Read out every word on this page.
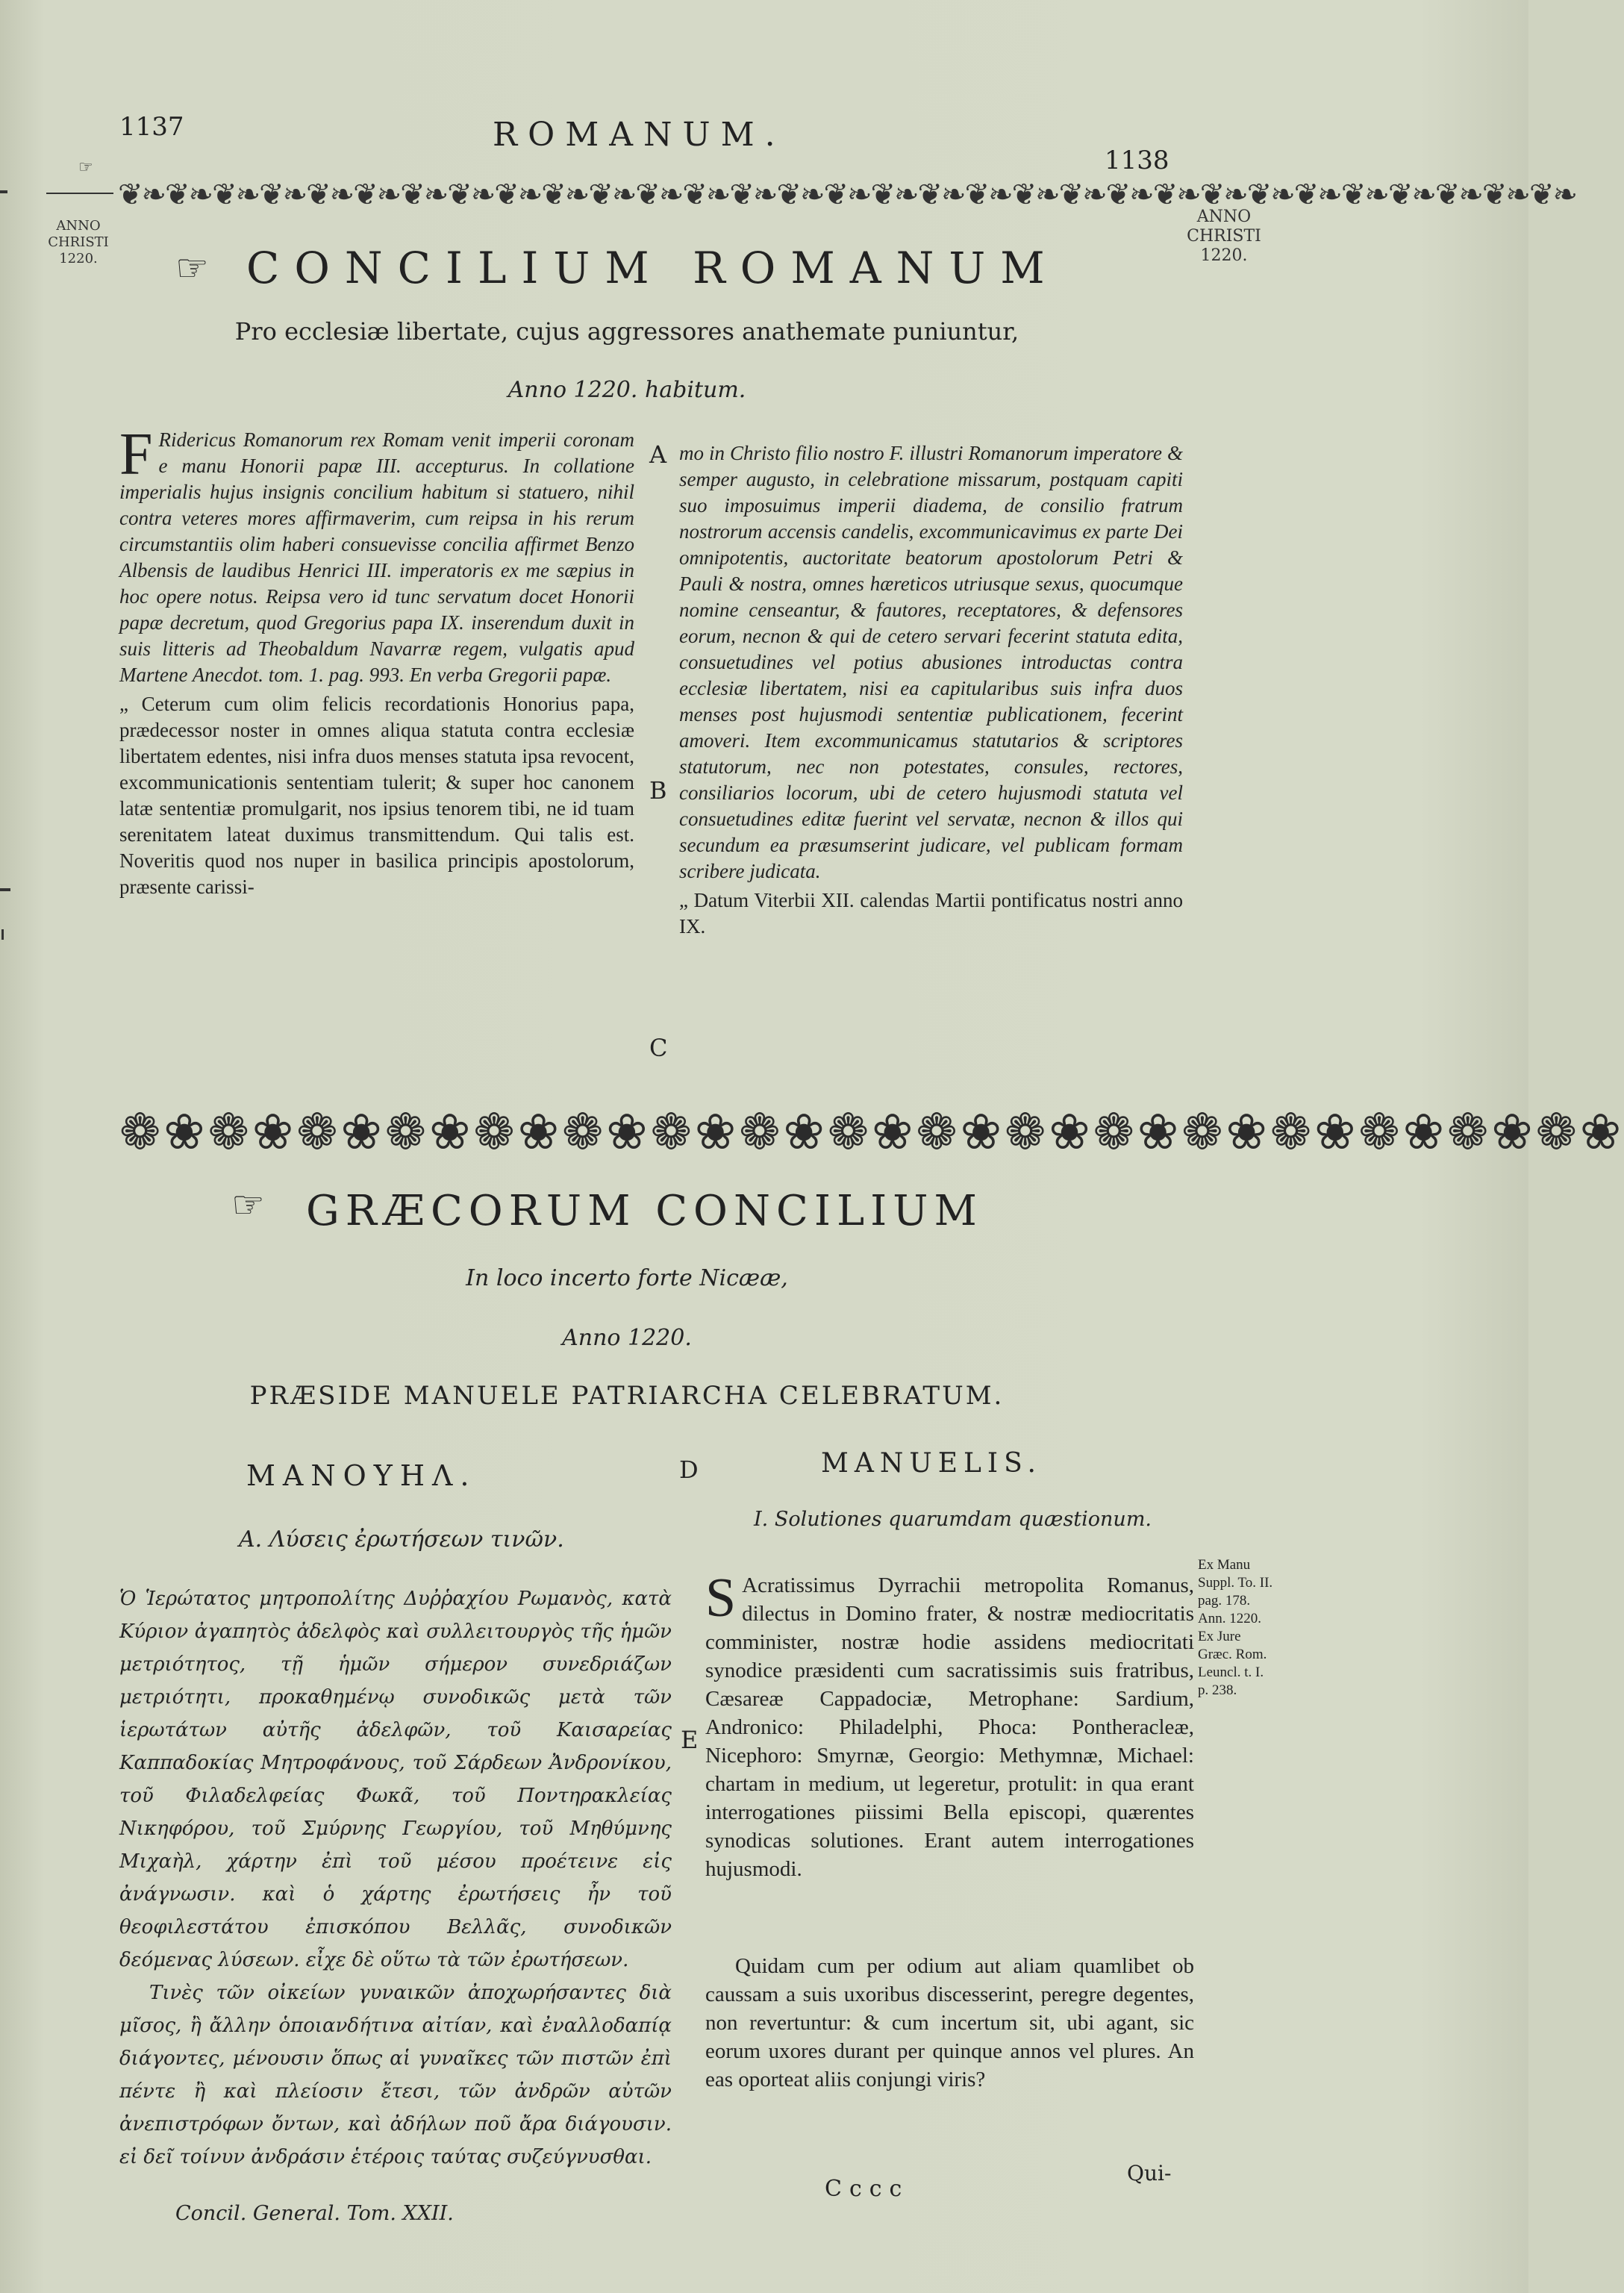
1137	ROMANUM.
1138
☞
❦❧❦❧❦❧❦❧❦❧❦❧❦❧❦❧❦❧❦❧❦❧❦❧❦❧❦❧❦❧❦❧❦❧❦❧❦❧❦❧❦❧❦❧❦❧❦❧❦❧❦❧❦❧❦❧❦❧❦❧❦❧
ANNO
CHRISTI
1220.
ANNO
CHRISTI
1220.
☞ CONCILIUM ROMANUM
Pro ecclesiæ libertate, cujus aggressores anathemate puniuntur,
Anno 1220. habitum.

F Ridericus Romanorum rex Romam venit imperii coronam e manu Honorii papæ III. accepturus. In collatione imperialis hujus insignis concilium habitum si statuero, nihil contra veteres mores affirmaverim, cum reipsa in his rerum circumstantiis olim haberi consuevisse concilia affirmet Benzo Albensis de laudibus Henrici III. imperatoris ex me sæpius in hoc opere notus. Reipsa vero id tunc servatum docet Honorii papæ decretum, quod Gregorius papa IX. inserendum duxit in suis litteris ad Theobaldum Navarræ regem, vulgatis apud Martene Anecdot. tom. 1. pag. 993. En verba Gregorii papæ.

„ Ceterum cum olim felicis recordationis Honorius papa, prædecessor noster in omnes aliqua statuta contra ecclesiæ libertatem edentes, nisi infra duos menses statuta ipsa revocent, excommunicationis sententiam tulerit; & super hoc canonem latæ sententiæ promulgarit, nos ipsius tenorem tibi, ne id tuam serenitatem lateat duximus transmittendum. Qui talis est. Noveritis quod nos nuper in basilica principis apostolorum, præsente carissi-

A
B
C

mo in Christo filio nostro F. illustri Romanorum imperatore & semper augusto, in celebratione missarum, postquam capiti suo imposuimus imperii diadema, de consilio fratrum nostrorum accensis candelis, excommunicavimus ex parte Dei omnipotentis, auctoritate beatorum apostolorum Petri & Pauli & nostra, omnes hæreticos utriusque sexus, quocumque nomine censeantur, & fautores, receptatores, & defensores eorum, necnon & qui de cetero servari fecerint statuta edita, consuetudines vel potius abusiones introductas contra ecclesiæ libertatem, nisi ea capitularibus suis infra duos menses post hujusmodi sententiæ publicationem, fecerint amoveri. Item excommunicamus statutarios & scriptores statutorum, nec non potestates, consules, rectores, consiliarios locorum, ubi de cetero hujusmodi statuta vel consuetudines editæ fuerint vel servatæ, necnon & illos qui secundum ea præsumserint judicare, vel publicam formam scribere judicata.

„ Datum Viterbii XII. calendas Martii pontificatus nostri anno IX.

❁❀❁❀❁❀❁❀❁❀❁❀❁❀❁❀❁❀❁❀❁❀❁❀❁❀❁❀❁❀❁❀❁❀
☞ GRÆCORUM CONCILIUM
In loco incerto forte Nicææ,
Anno 1220.
PRÆSIDE MANUELE PATRIARCHA CELEBRATUM.
ΜΑΝΟΥΗΛ.	D	MANUELIS.
Α. Λύσεις ἐρωτήσεων τινῶν.
I. Solutiones quarumdam quæstionum.

Ὁ Ἱερώτατος μητροπολίτης Δυῤῥαχίου Ρωμανὸς, κατὰ Κύριον ἀγαπητὸς ἀδελφὸς καὶ συλλειτουργὸς τῆς ἡμῶν μετριότητος, τῇ ἡμῶν σήμερον συνεδριάζων μετριότητι, προκαθημένῳ συνοδικῶς μετὰ τῶν ἱερωτάτων αὐτῆς ἀδελφῶν, τοῦ Καισαρείας Καππαδοκίας Μητροφάνους, τοῦ Σάρδεων Ἀνδρονίκου, τοῦ Φιλαδελφείας Φωκᾶ, τοῦ Ποντηρακλείας Νικηφόρου, τοῦ Σμύρνης Γεωργίου, τοῦ Μηθύμνης Μιχαὴλ, χάρτην ἐπὶ τοῦ μέσου προέτεινε εἰς ἀνάγνωσιν. καὶ ὁ χάρτης ἐρωτήσεις ἦν τοῦ θεοφιλεστάτου ἐπισκόπου Βελλᾶς, συνοδικῶν δεόμενας λύσεων. εἶχε δὲ οὕτω τὰ τῶν ἐρωτήσεων.

Τινὲς τῶν οἰκείων γυναικῶν ἀποχωρήσαντες διὰ μῖσος, ἢ ἄλλην ὁποιανδήτινα αἰτίαν, καὶ ἐναλλοδαπίᾳ διάγοντες, μένουσιν ὅπως αἱ γυναῖκες τῶν πιστῶν ἐπὶ πέντε ἢ καὶ πλείοσιν ἔτεσι, τῶν ἀνδρῶν αὐτῶν ἀνεπιστρόφων ὄντων, καὶ ἀδήλων ποῦ ἄρα διάγουσιν. εἰ δεῖ τοίνυν ἀνδράσιν ἑτέροις ταύτας συζεύγνυσθαι.

E

S Acratissimus Dyrrachii metropolita Romanus, dilectus in Domino frater, & nostræ mediocritatis comminister, nostræ hodie assidens mediocritati synodice præsidenti cum sacratissimis suis fratribus, Cæsareæ Cappadociæ, Metrophane: Sardium, Andronico: Philadelphi, Phoca: Pontheracleæ, Nicephoro: Smyrnæ, Georgio: Methymnæ, Michael: chartam in medium, ut legeretur, protulit: in qua erant interrogationes piissimi Bella episcopi, quærentes synodicas solutiones. Erant autem interrogationes hujusmodi.

Quidam cum per odium aut aliam quamlibet ob caussam a suis uxoribus discesserint, peregre degentes, non revertuntur: & cum incertum sit, ubi agant, sic eorum uxores durant per quinque annos vel plures. An eas oporteat aliis conjungi viris?

Ex Manu
Suppl. To. II.
pag. 178.
Ann. 1220.
Ex Jure
Græc. Rom.
Leuncl. t. I.
p. 238.
Concil. General. Tom. XXII.
Cccc
Qui-
